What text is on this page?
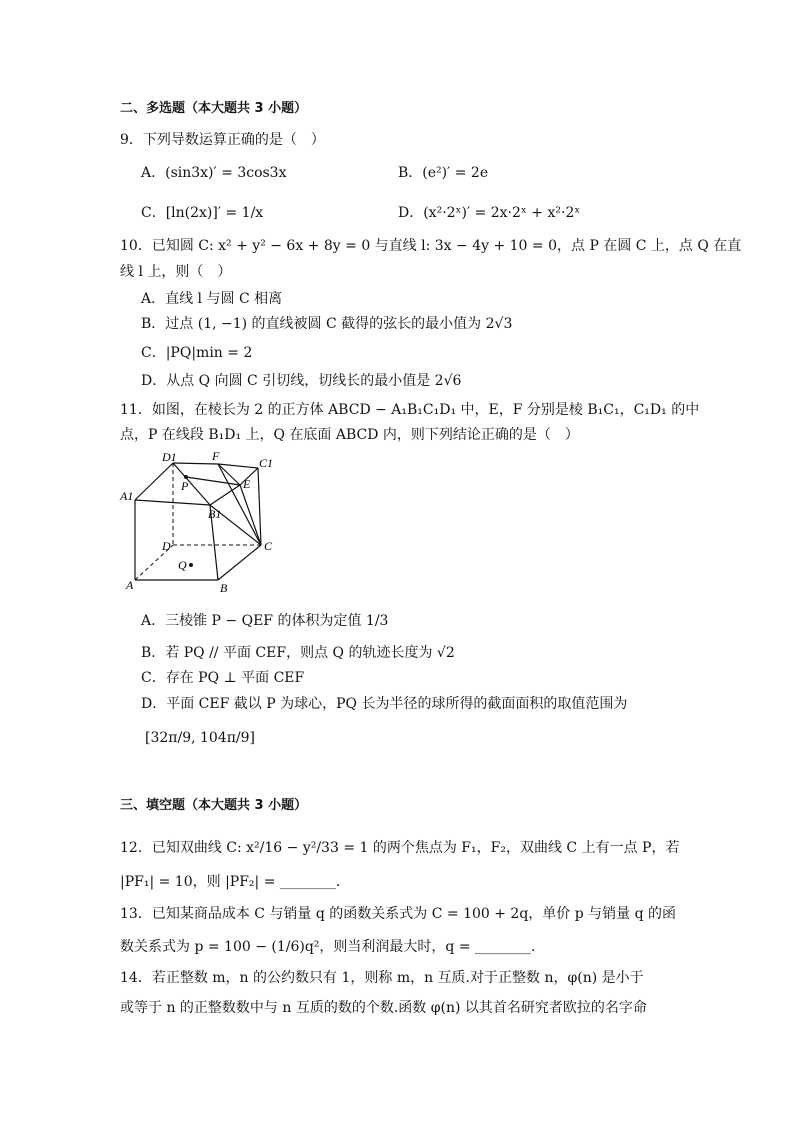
二、多选题（本大题共 3 小题）
9．下列导数运算正确的是（　）
A．(sin3x)′ = 3cos3x	B．(e²)′ = 2e
C．[ln(2x)]′ = 1/x	D．(x²·2ˣ)′ = 2x·2ˣ + x²·2ˣ
10．已知圆 C: x² + y² − 6x + 8y = 0 与直线 l: 3x − 4y + 10 = 0，点 P 在圆 C 上，点 Q 在直
线 l 上，则（　）
A．直线 l 与圆 C 相离
B．过点 (1, −1) 的直线被圆 C 截得的弦长的最小值为 2√3
C．|PQ|min = 2
D．从点 Q 向圆 C 引切线，切线长的最小值是 2√6
11．如图，在棱长为 2 的正方体 ABCD − A₁B₁C₁D₁ 中，E，F 分别是棱 B₁C₁，C₁D₁ 的中
点，P 在线段 B₁D₁ 上，Q 在底面 ABCD 内，则下列结论正确的是（　）
D1	F	C1
P	E
A1
B1
D	C
Q
A	B
A．三棱锥 P − QEF 的体积为定值 1/3
B．若 PQ // 平面 CEF，则点 Q 的轨迹长度为 √2
C．存在 PQ ⊥ 平面 CEF
D．平面 CEF 截以 P 为球心，PQ 长为半径的球所得的截面面积的取值范围为
[32π/9, 104π/9]
三、填空题（本大题共 3 小题）
12．已知双曲线 C: x²/16 − y²/33 = 1 的两个焦点为 F₁，F₂，双曲线 C 上有一点 P，若
|PF₁| = 10，则 |PF₂| = ________.
13．已知某商品成本 C 与销量 q 的函数关系式为 C = 100 + 2q，单价 p 与销量 q 的函
数关系式为 p = 100 − (1/6)q²，则当利润最大时，q = ________.
14．若正整数 m，n 的公约数只有 1，则称 m，n 互质.对于正整数 n，φ(n) 是小于
或等于 n 的正整数数中与 n 互质的数的个数.函数 φ(n) 以其首名研究者欧拉的名字命
